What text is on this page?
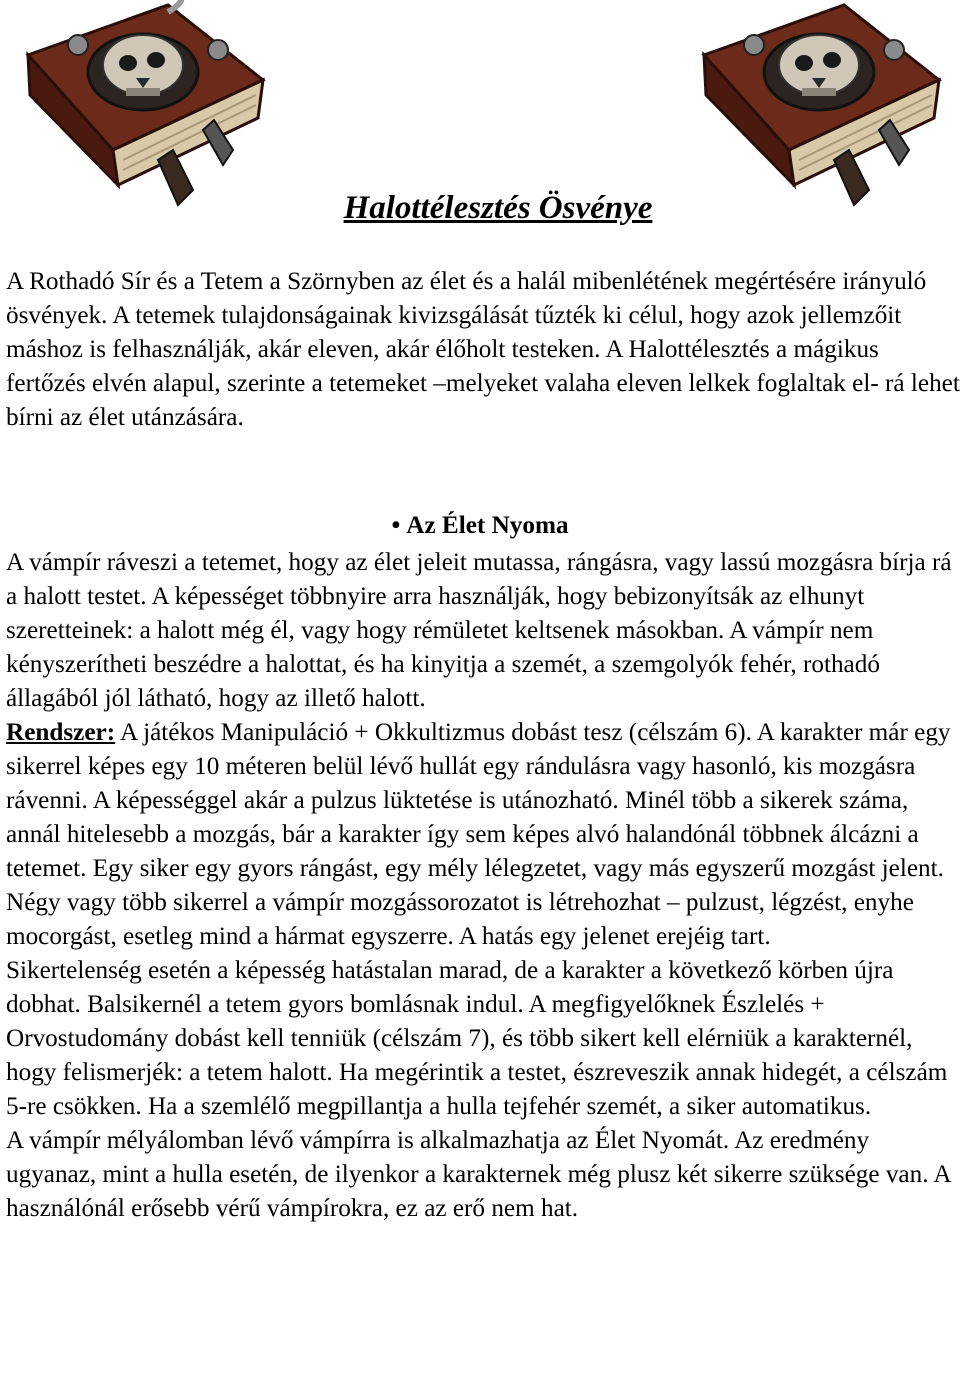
Halottélesztés Ösvénye

A Rothadó Sír és a Tetem a Szörnyben az élet és a halál mibenlétének megértésére irányuló ösvények. A tetemek tulajdonságainak kivizsgálását tűzték ki célul, hogy azok jellemzőit máshoz is felhasználják, akár eleven, akár élőholt testeken. A Halottélesztés a mágikus fertőzés elvén alapul, szerinte a tetemeket –melyeket valaha eleven lelkek foglaltak el- rá lehet bírni az élet utánzására.

• Az Élet Nyoma
A vámpír ráveszi a tetemet, hogy az élet jeleit mutassa, rángásra, vagy lassú mozgásra bírja rá a halott testet. A képességet többnyire arra használják, hogy bebizonyítsák az elhunyt szeretteinek: a halott még él, vagy hogy rémületet keltsenek másokban. A vámpír nem kényszerítheti beszédre a halottat, és ha kinyitja a szemét, a szemgolyók fehér, rothadó állagából jól látható, hogy az illető halott.
Rendszer: A játékos Manipuláció + Okkultizmus dobást tesz (célszám 6). A karakter már egy sikerrel képes egy 10 méteren belül lévő hullát egy rándulásra vagy hasonló, kis mozgásra rávenni. A képességgel akár a pulzus lüktetése is utánozható. Minél több a sikerek száma, annál hitelesebb a mozgás, bár a karakter így sem képes alvó halandónál többnek álcázni a tetemet. Egy siker egy gyors rángást, egy mély lélegzetet, vagy más egyszerű mozgást jelent. Négy vagy több sikerrel a vámpír mozgássorozatot is létrehozhat – pulzust, légzést, enyhe mocorgást, esetleg mind a hármat egyszerre. A hatás egy jelenet erejéig tart.
Sikertelenség esetén a képesség hatástalan marad, de a karakter a következő körben újra dobhat. Balsikernél a tetem gyors bomlásnak indul. A megfigyelőknek Észlelés + Orvostudomány dobást kell tenniük (célszám 7), és több sikert kell elérniük a karakternél, hogy felismerjék: a tetem halott. Ha megérintik a testet, észreveszik annak hidegét, a célszám 5-re csökken. Ha a szemlélő megpillantja a hulla tejfehér szemét, a siker automatikus.
A vámpír mélyálomban lévő vámpírra is alkalmazhatja az Élet Nyomát. Az eredmény ugyanaz, mint a hulla esetén, de ilyenkor a karakternek még plusz két sikerre szüksége van. A használónál erősebb vérű vámpírokra, ez az erő nem hat.
